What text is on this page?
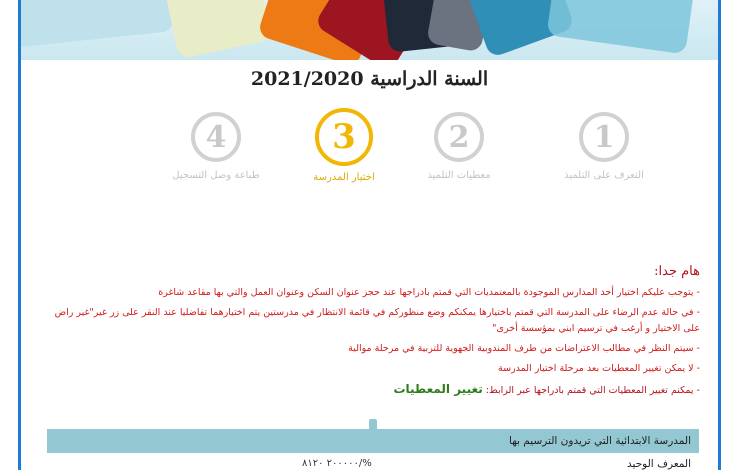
السنة الدراسية 2021/2020
4
طباعة وصل التسجيل
3
اختيار المدرسة
2
معطيات التلميذ
1
التعرف على التلميذ
هام جدا:
- يتوجب عليكم اختيار أحد المدارس الموجودة بالمعتمديات التي قمتم بادراجها عند حجز عنوان السكن وعنوان العمل والتي بها مقاعد شاغرة
- في حالة عدم الرضاء على المدرسة التي قمتم باختيارها يمكنكم وضع منظوركم في قائمة الانتظار في مدرستين يتم اختيارهما تفاضليا عند النقر على زر غير"غير راض على الاختيار و أرغب في ترسيم ابني بمؤسسة أخرى"
- سيتم النظر في مطالب الاعتراضات من طرف المندوبية الجهوية للتربية في مرحلة موالية
- لا يمكن تغيير المعطيات بعد مرحلة اختيار المدرسة
- يمكنم تغيير المعطيات التي قمتم بادراجها عبر الرابط: تغيير المعطيات
المدرسة الابتدائية التي تريدون الترسيم بها
المعرف الوحيد
%/٢٠٠٠٠٠ ٨١٢٠
